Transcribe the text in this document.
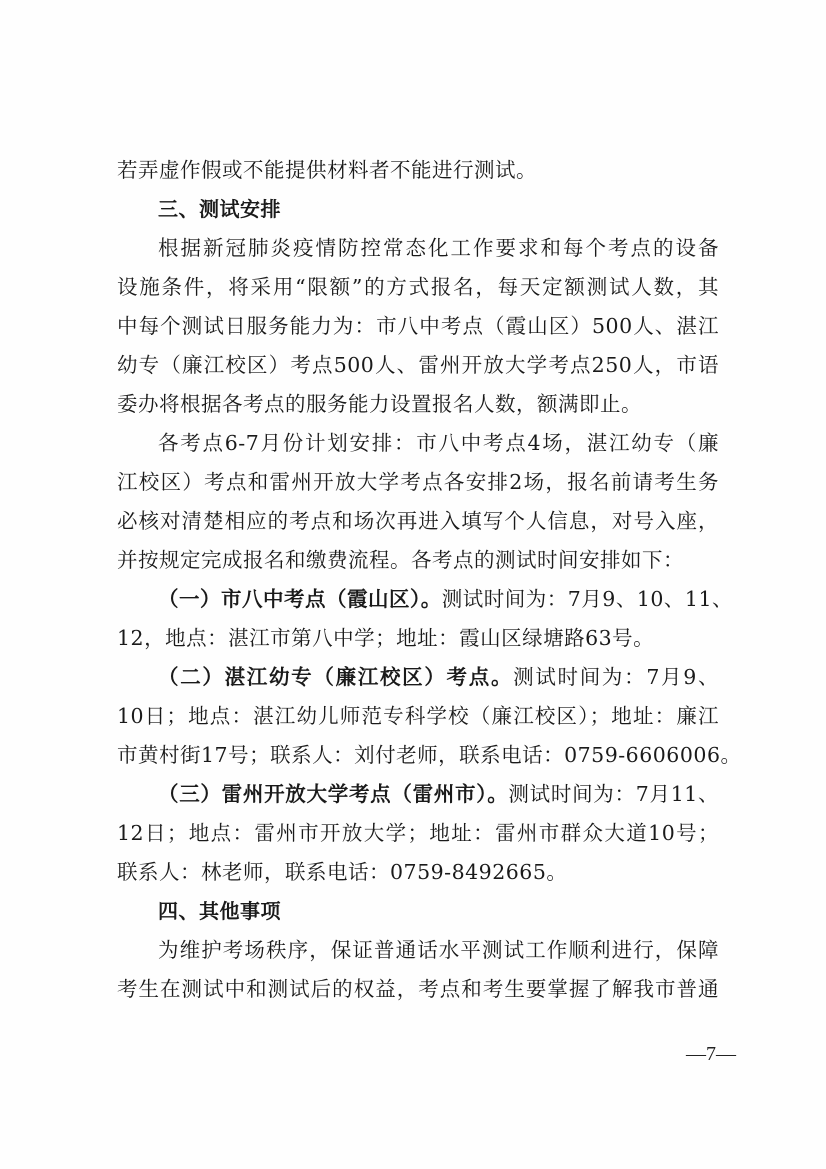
若弄虚作假或不能提供材料者不能进行测试。
三、测试安排
根据新冠肺炎疫情防控常态化工作要求和每个考点的设备
设施条件，将采用“限额”的方式报名，每天定额测试人数，其
中每个测试日服务能力为：市八中考点（霞山区）500人、湛江
幼专（廉江校区）考点500人、雷州开放大学考点250人，市语
委办将根据各考点的服务能力设置报名人数，额满即止。
各考点6-7月份计划安排：市八中考点4场，湛江幼专（廉
江校区）考点和雷州开放大学考点各安排2场，报名前请考生务
必核对清楚相应的考点和场次再进入填写个人信息，对号入座，
并按规定完成报名和缴费流程。各考点的测试时间安排如下：
（一）市八中考点（霞山区）。测试时间为：7月9、10、11、
12，地点：湛江市第八中学；地址：霞山区绿塘路63号。
（二）湛江幼专（廉江校区）考点。测试时间为：7月9、
10日；地点：湛江幼儿师范专科学校（廉江校区）；地址：廉江
市黄村街17号；联系人：刘付老师，联系电话：0759-6606006。
（三）雷州开放大学考点（雷州市）。测试时间为：7月11、
12日；地点：雷州市开放大学；地址：雷州市群众大道10号；
联系人：林老师，联系电话：0759-8492665。
四、其他事项
为维护考场秩序，保证普通话水平测试工作顺利进行，保障
考生在测试中和测试后的权益，考点和考生要掌握了解我市普通
—7—
